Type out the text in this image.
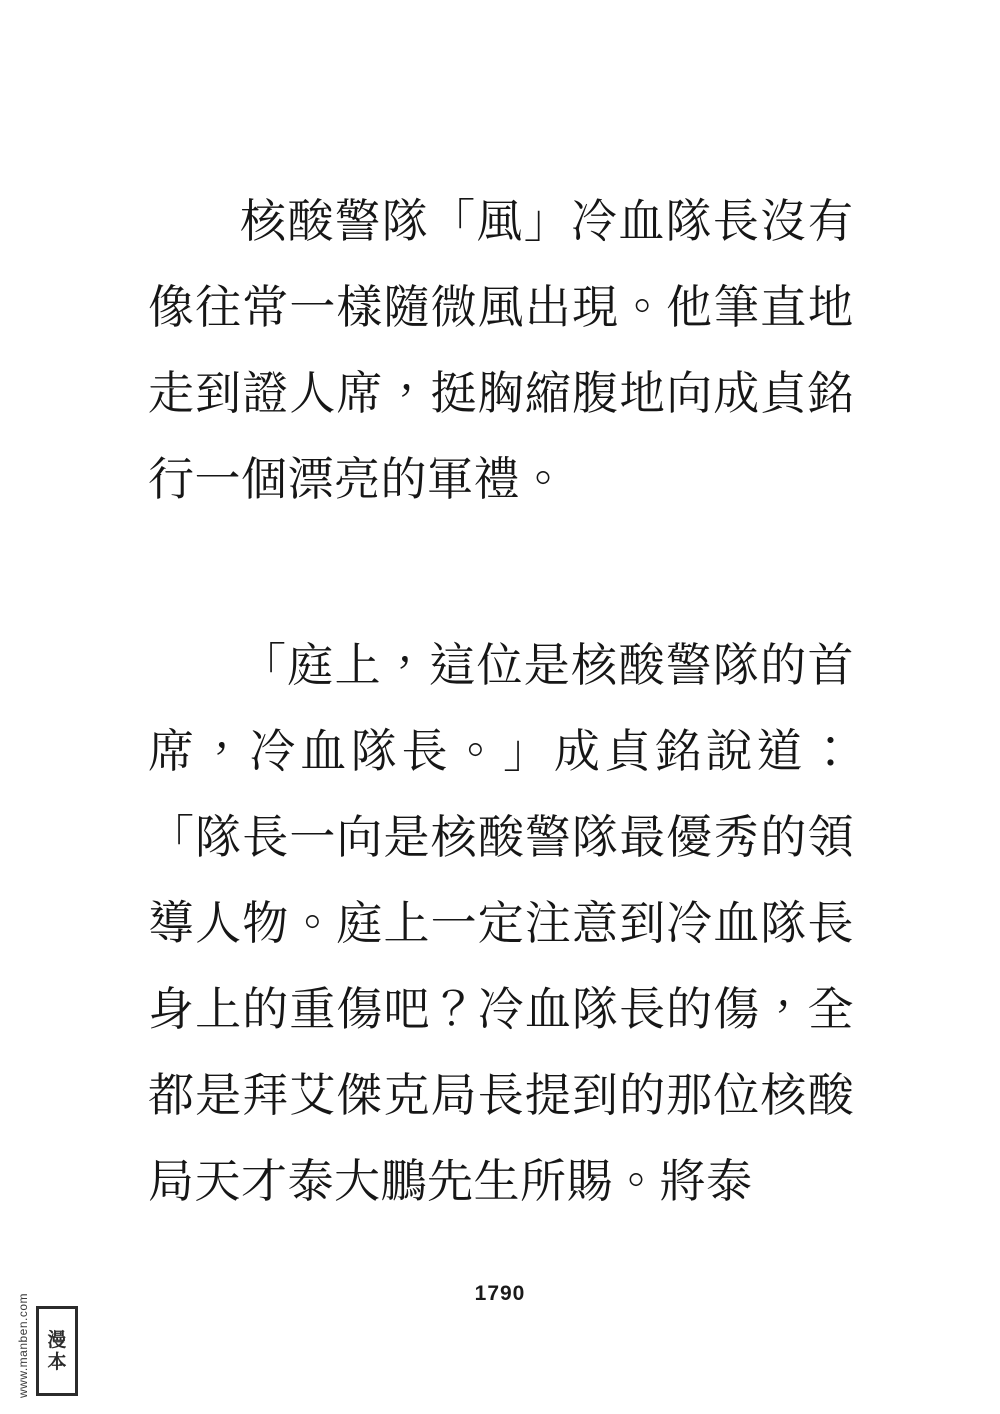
核酸警隊「風」冷血隊長沒有像往常一樣隨微風出現。他筆直地走到證人席，挺胸縮腹地向成貞銘行一個漂亮的軍禮。

「庭上，這位是核酸警隊的首席，冷血隊長。」成貞銘說道：「隊長一向是核酸警隊最優秀的領導人物。庭上一定注意到冷血隊長身上的重傷吧？冷血隊長的傷，全都是拜艾傑克局長提到的那位核酸局天才泰大鵬先生所賜。將泰

1790
www.manben.com 漫
本
